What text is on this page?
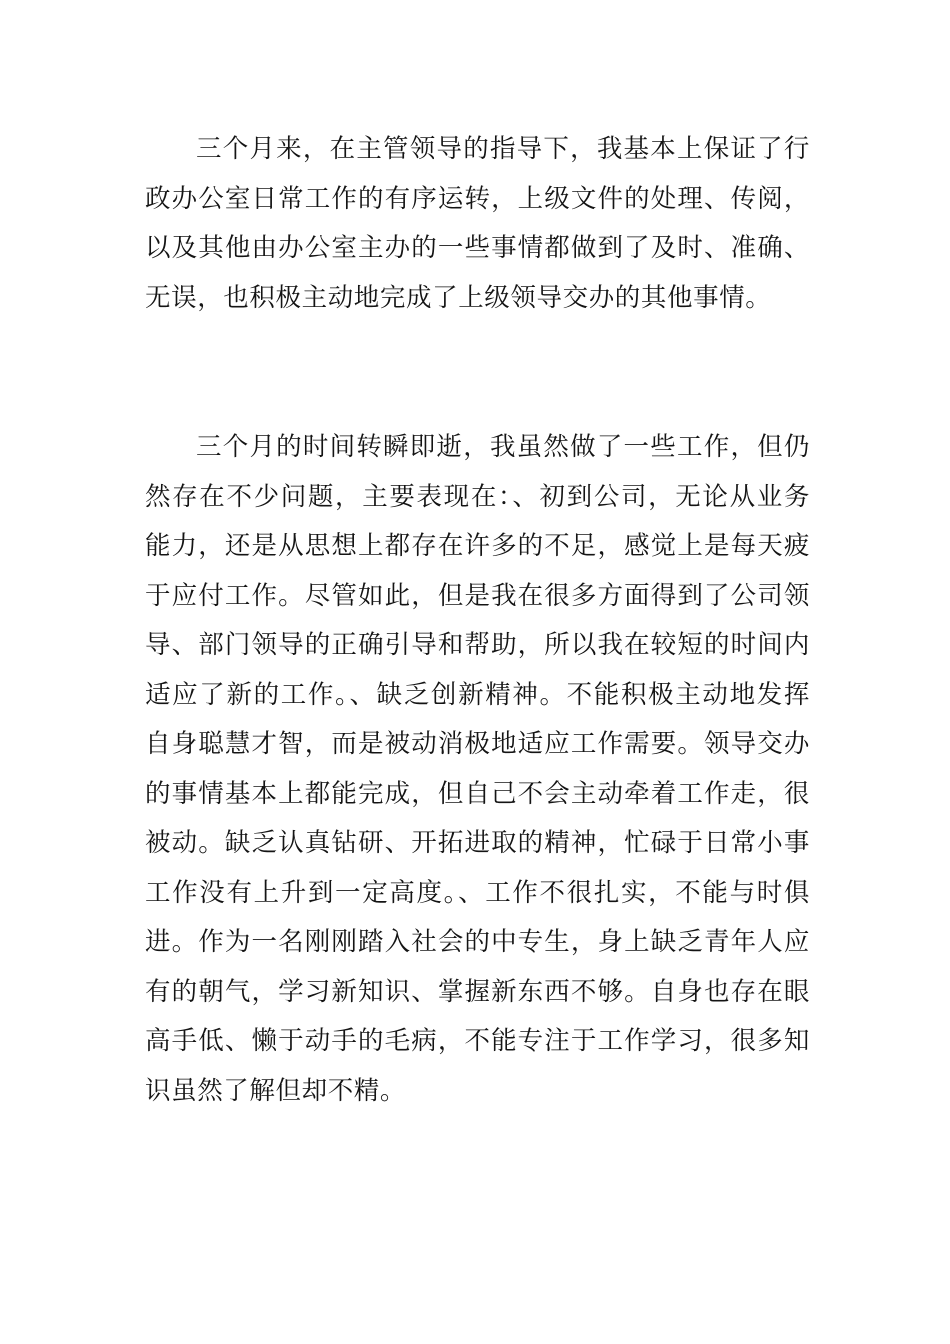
三个月来，在主管领导的指导下，我基本上保证了行政办公室日常工作的有序运转，上级文件的处理、传阅，以及其他由办公室主办的一些事情都做到了及时、准确、无误，也积极主动地完成了上级领导交办的其他事情。

三个月的时间转瞬即逝，我虽然做了一些工作，但仍然存在不少问题，主要表现在：、初到公司，无论从业务能力，还是从思想上都存在许多的不足，感觉上是每天疲于应付工作。尽管如此，但是我在很多方面得到了公司领导、部门领导的正确引导和帮助，所以我在较短的时间内适应了新的工作。、缺乏创新精神。不能积极主动地发挥自身聪慧才智，而是被动消极地适应工作需要。领导交办的事情基本上都能完成，但自己不会主动牵着工作走，很被动。缺乏认真钻研、开拓进取的精神，忙碌于日常小事工作没有上升到一定高度。、工作不很扎实，不能与时俱进。作为一名刚刚踏入社会的中专生，身上缺乏青年人应有的朝气，学习新知识、掌握新东西不够。自身也存在眼高手低、懒于动手的毛病，不能专注于工作学习，很多知识虽然了解但却不精。
